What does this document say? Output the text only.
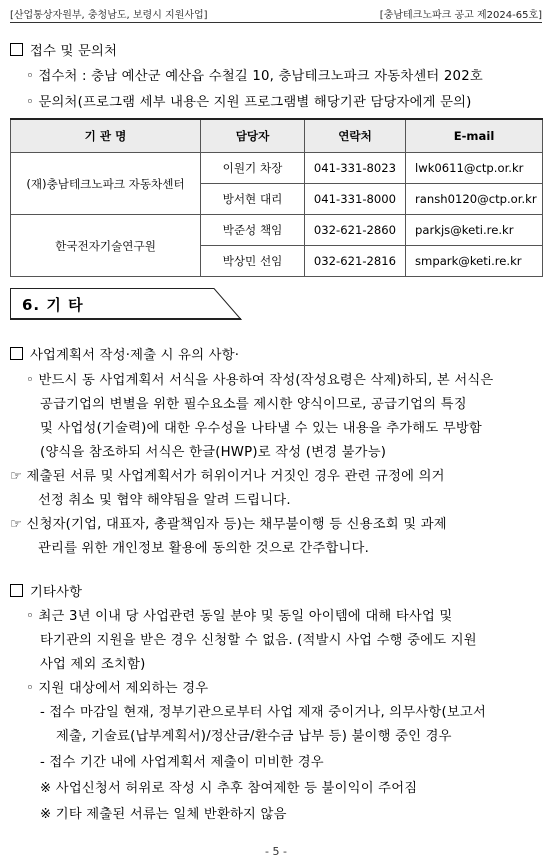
[산업통상자원부, 충청남도, 보령시 지원사업]	[충남테크노파크 공고 제2024-65호]
접수 및 문의처
◦ 접수처 : 충남 예산군 예산읍 수철길 10, 충남테크노파크 자동차센터 202호
◦ 문의처(프로그램 세부 내용은 지원 프로그램별 해당기관 담당자에게 문의)
기 관 명	담당자	연락처	E-mail
(재)충남테크노파크 자동차센터	이원기 차장	041-331-8023	lwk0611@ctp.or.kr
	방서현 대리	041-331-8000	ransh0120@ctp.or.kr
한국전자기술연구원	박준성 책임	032-621-2860	parkjs@keti.re.kr
	박상민 선임	032-621-2816	smpark@keti.re.kr
6. 기 타
사업계획서 작성·제출 시 유의 사항·
◦ 반드시 동 사업계획서 서식을 사용하여 작성(작성요령은 삭제)하되, 본 서식은
공급기업의 변별을 위한 필수요소를 제시한 양식이므로, 공급기업의 특징
및 사업성(기술력)에 대한 우수성을 나타낼 수 있는 내용을 추가해도 무방함
(양식을 참조하되 서식은 한글(HWP)로 작성 (변경 불가능)
☞ 제출된 서류 및 사업계획서가 허위이거나 거짓인 경우 관련 규정에 의거
선정 취소 및 협약 해약됨을 알려 드립니다.
☞ 신청자(기업, 대표자, 총괄책임자 등)는 채무불이행 등 신용조회 및 과제
관리를 위한 개인정보 활용에 동의한 것으로 간주합니다.
기타사항
◦ 최근 3년 이내 당 사업관련 동일 분야 및 동일 아이템에 대해 타사업 및
타기관의 지원을 받은 경우 신청할 수 없음. (적발시 사업 수행 중에도 지원
사업 제외 조치함)
◦ 지원 대상에서 제외하는 경우
- 접수 마감일 현재, 정부기관으로부터 사업 제재 중이거나, 의무사항(보고서
제출, 기술료(납부계획서)/정산금/환수금 납부 등) 불이행 중인 경우
- 접수 기간 내에 사업계획서 제출이 미비한 경우
※ 사업신청서 허위로 작성 시 추후 참여제한 등 불이익이 주어짐
※ 기타 제출된 서류는 일체 반환하지 않음
- 5 -
